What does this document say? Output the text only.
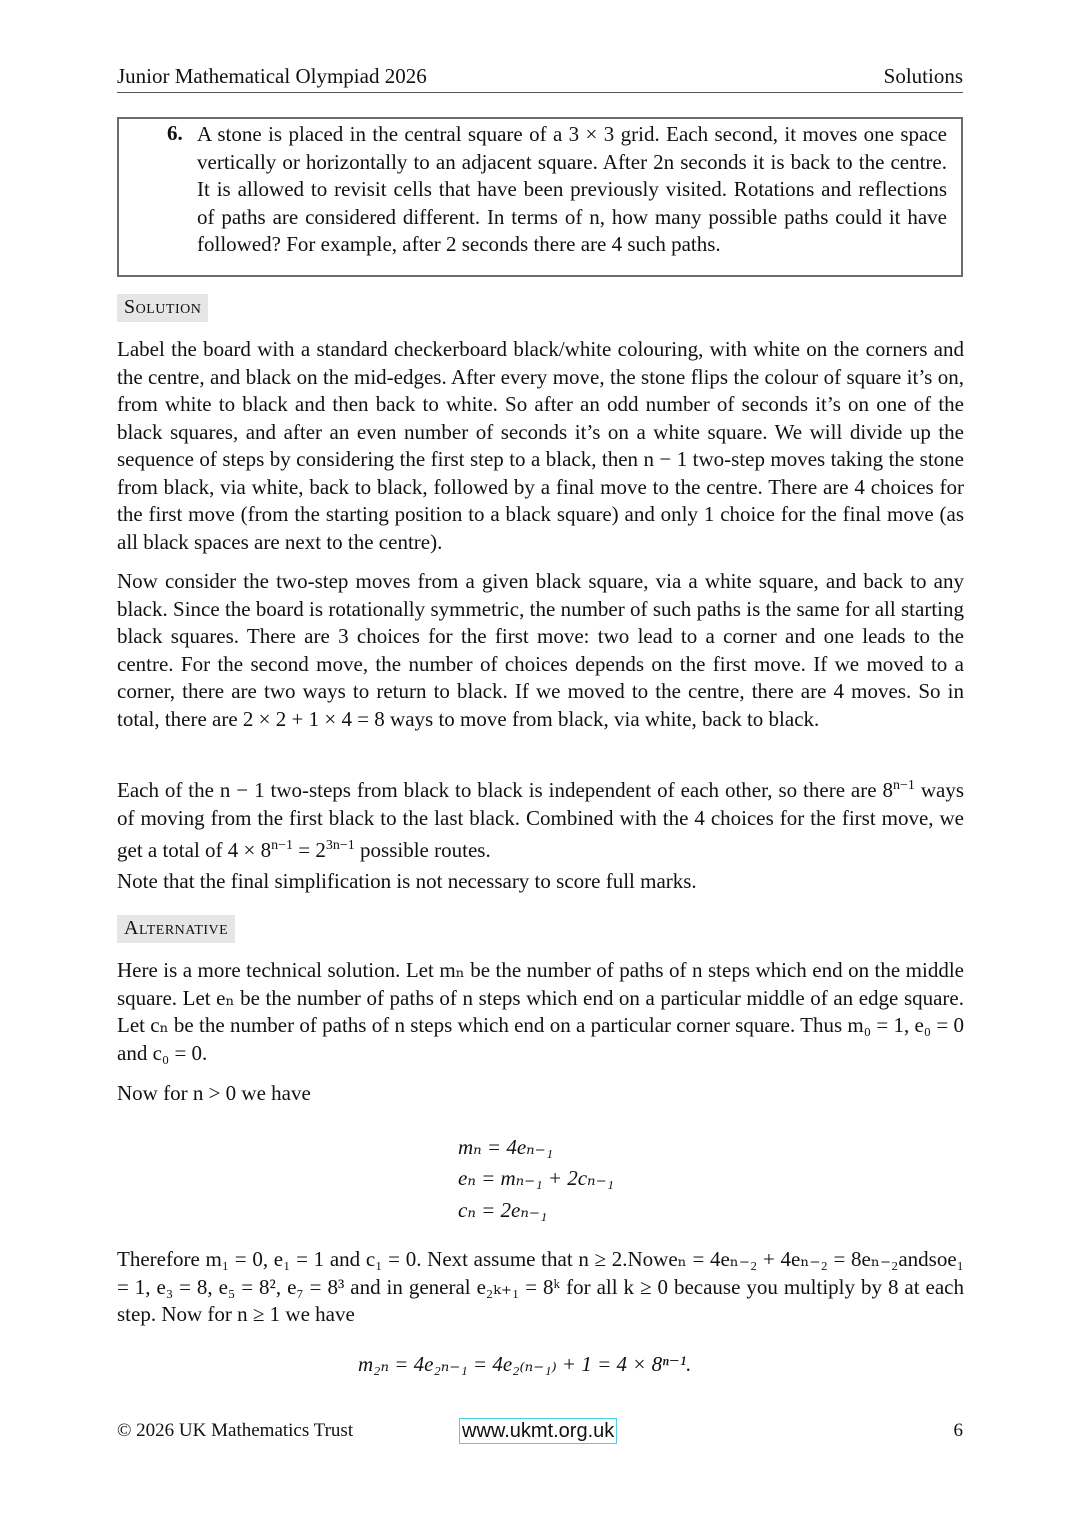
Junior Mathematical Olympiad 2026	Solutions
6. A stone is placed in the central square of a 3 × 3 grid. Each second, it moves one space vertically or horizontally to an adjacent square. After 2n seconds it is back to the centre. It is allowed to revisit cells that have been previously visited. Rotations and reflections of paths are considered different. In terms of n, how many possible paths could it have followed? For example, after 2 seconds there are 4 such paths.
Solution

Label the board with a standard checkerboard black/white colouring, with white on the corners and the centre, and black on the mid-edges. After every move, the stone flips the colour of square it’s on, from white to black and then back to white. So after an odd number of seconds it’s on one of the black squares, and after an even number of seconds it’s on a white square. We will divide up the sequence of steps by considering the first step to a black, then n − 1 two-step moves taking the stone from black, via white, back to black, followed by a final move to the centre. There are 4 choices for the first move (from the starting position to a black square) and only 1 choice for the final move (as all black spaces are next to the centre).

Now consider the two-step moves from a given black square, via a white square, and back to any black. Since the board is rotationally symmetric, the number of such paths is the same for all starting black squares. There are 3 choices for the first move: two lead to a corner and one leads to the centre. For the second move, the number of choices depends on the first move. If we moved to a corner, there are two ways to return to black. If we moved to the centre, there are 4 moves. So in total, there are 2 × 2 + 1 × 4 = 8 ways to move from black, via white, back to black.

Each of the n − 1 two-steps from black to black is independent of each other, so there are $8^{n-1}$ ways of moving from the first black to the last black. Combined with the 4 choices for the first move, we get a total of $4 \times 8^{n-1} = 2^{3n-1}$ possible routes.

Note that the final simplification is not necessary to score full marks.

Alternative

Here is a more technical solution. Let mₙ be the number of paths of n steps which end on the middle square. Let eₙ be the number of paths of n steps which end on a particular middle of an edge square. Let cₙ be the number of paths of n steps which end on a particular corner square. Thus m₀ = 1, e₀ = 0 and c₀ = 0.

Now for n > 0 we have

mₙ = 4eₙ₋₁
eₙ = mₙ₋₁ + 2cₙ₋₁
cₙ = 2eₙ₋₁

Therefore m₁ = 0, e₁ = 1 and c₁ = 0. Next assume that n ≥ 2.Noweₙ = 4eₙ₋₂ + 4eₙ₋₂ = 8eₙ₋₂andsoe₁ = 1, e₃ = 8, e₅ = 8², e₇ = 8³ and in general e₂ₖ₊₁ = 8ᵏ for all k ≥ 0 because you multiply by 8 at each step. Now for n ≥ 1 we have

m₂ₙ = 4e₂ₙ₋₁ = 4e₂₍ₙ₋₁₎ + 1 = 4 × 8ⁿ⁻¹.
© 2026 UK Mathematics Trust	www.ukmt.org.uk	6
